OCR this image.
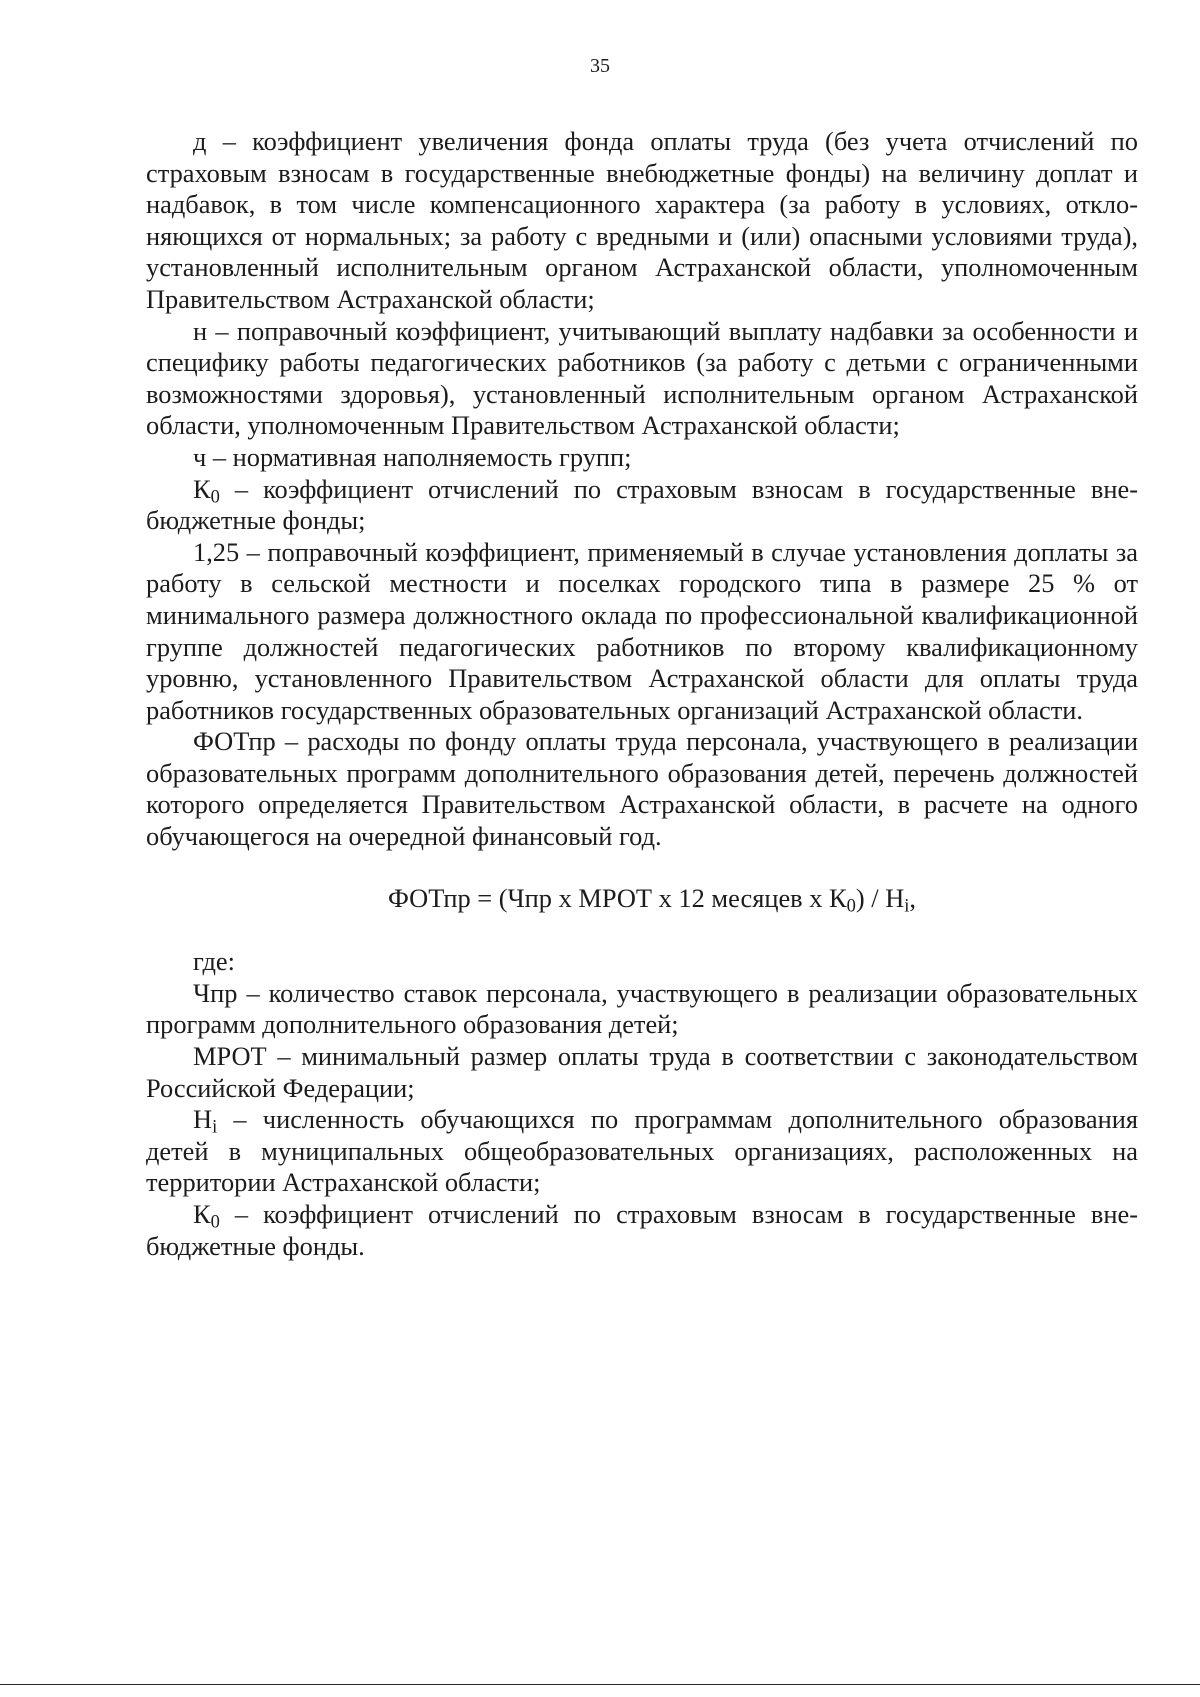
35

д – коэффициент увеличения фонда оплаты труда (без учета отчислений по страховым взносам в государственные внебюджетные фонды) на величину доплат и надбавок, в том числе компенсационного характера (за работу в условиях, отклоняющихся от нормальных; за работу с вредными и (или) опасными условиями труда), установленный исполнительным органом Астраханской области, уполномоченным Правительством Астраханской области;

н – поправочный коэффициент, учитывающий выплату надбавки за особенности и специфику работы педагогических работников (за работу с детьми с ограниченными возможностями здоровья), установленный исполнительным органом Астраханской области, уполномоченным Правительством Астраханской области;

ч – нормативная наполняемость групп;

$К_0$ – коэффициент отчислений по страховым взносам в государственные внебюджетные фонды;

1,25 – поправочный коэффициент, применяемый в случае установления доплаты за работу в сельской местности и поселках городского типа в размере 25 % от минимального размера должностного оклада по профессиональной квалификационной группе должностей педагогических работников по второму квалификационному уровню, установленного Правительством Астраханской области для оплаты труда работников государственных образовательных организаций Астраханской области.

ФОТпр – расходы по фонду оплаты труда персонала, участвующего в реализации образовательных программ дополнительного образования детей, перечень должностей которого определяется Правительством Астраханской области, в расчете на одного обучающегося на очередной финансовый год.

ФОТпр = (Чпр х МРОТ х 12 месяцев х $К_0) / Н_i$,

где:

Чпр – количество ставок персонала, участвующего в реализации образовательных программ дополнительного образования детей;

МРОТ – минимальный размер оплаты труда в соответствии с законодательством Российской Федерации;

$Н_i$ – численность обучающихся по программам дополнительного образования детей в муниципальных общеобразовательных организациях, расположенных на территории Астраханской области;

$К_0$ – коэффициент отчислений по страховым взносам в государственные внебюджетные фонды.
